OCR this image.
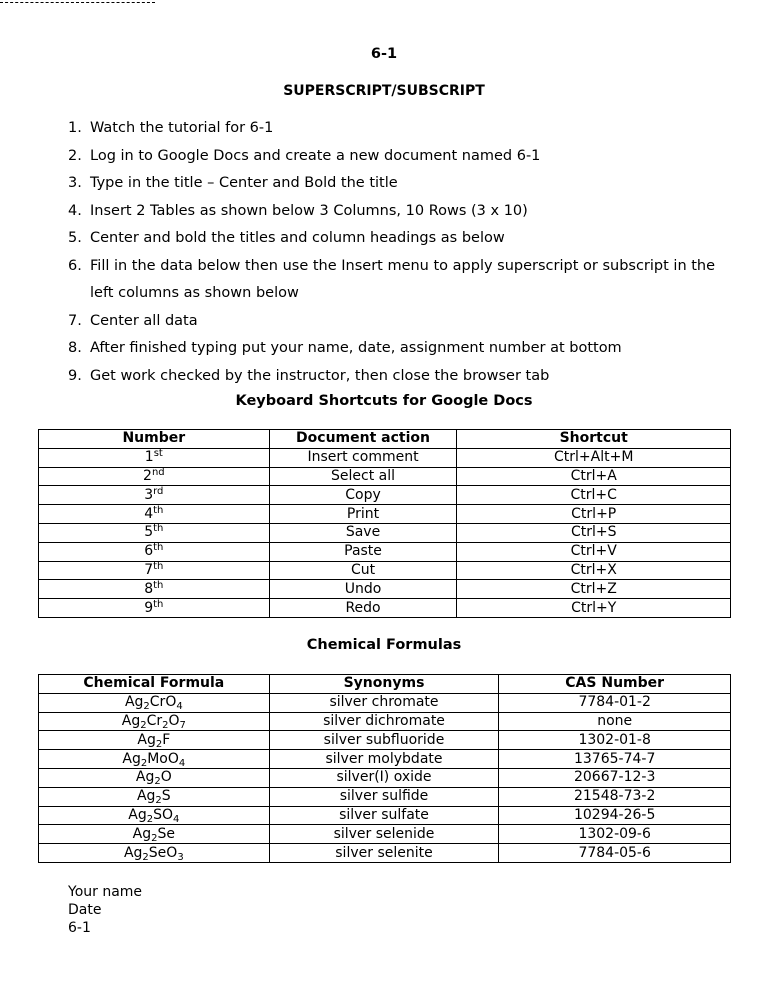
6-1
SUPERSCRIPT/SUBSCRIPT
1. Watch the tutorial for 6-1
2. Log in to Google Docs and create a new document named 6-1
3. Type in the title – Center and Bold the title
4. Insert 2 Tables as shown below 3 Columns, 10 Rows (3 x 10)
5. Center and bold the titles and column headings as below
6. Fill in the data below then use the Insert menu to apply superscript or subscript in the left columns as shown below
7. Center all data
8. After finished typing put your name, date, assignment number at bottom
9. Get work checked by the instructor, then close the browser tab
Keyboard Shortcuts for Google Docs
Number	Document action	Shortcut
1st	Insert comment	Ctrl+Alt+M
2nd	Select all	Ctrl+A
3rd	Copy	Ctrl+C
4th	Print	Ctrl+P
5th	Save	Ctrl+S
6th	Paste	Ctrl+V
7th	Cut	Ctrl+X
8th	Undo	Ctrl+Z
9th	Redo	Ctrl+Y
Chemical Formulas
Chemical Formula	Synonyms	CAS Number
$Ag_2CrO_4$	silver chromate	7784-01-2
$Ag_2Cr_2O_7$	silver dichromate	none
$Ag_2F$	silver subfluoride	1302-01-8
$Ag_2MoO_4$	silver molybdate	13765-74-7
$Ag_2O$	silver(I) oxide	20667-12-3
$Ag_2S$	silver sulfide	21548-73-2
$Ag_2SO_4$	silver sulfate	10294-26-5
$Ag_2Se$	silver selenide	1302-09-6
$Ag_2SeO_3$	silver selenite	7784-05-6
Your name
Date
6-1
